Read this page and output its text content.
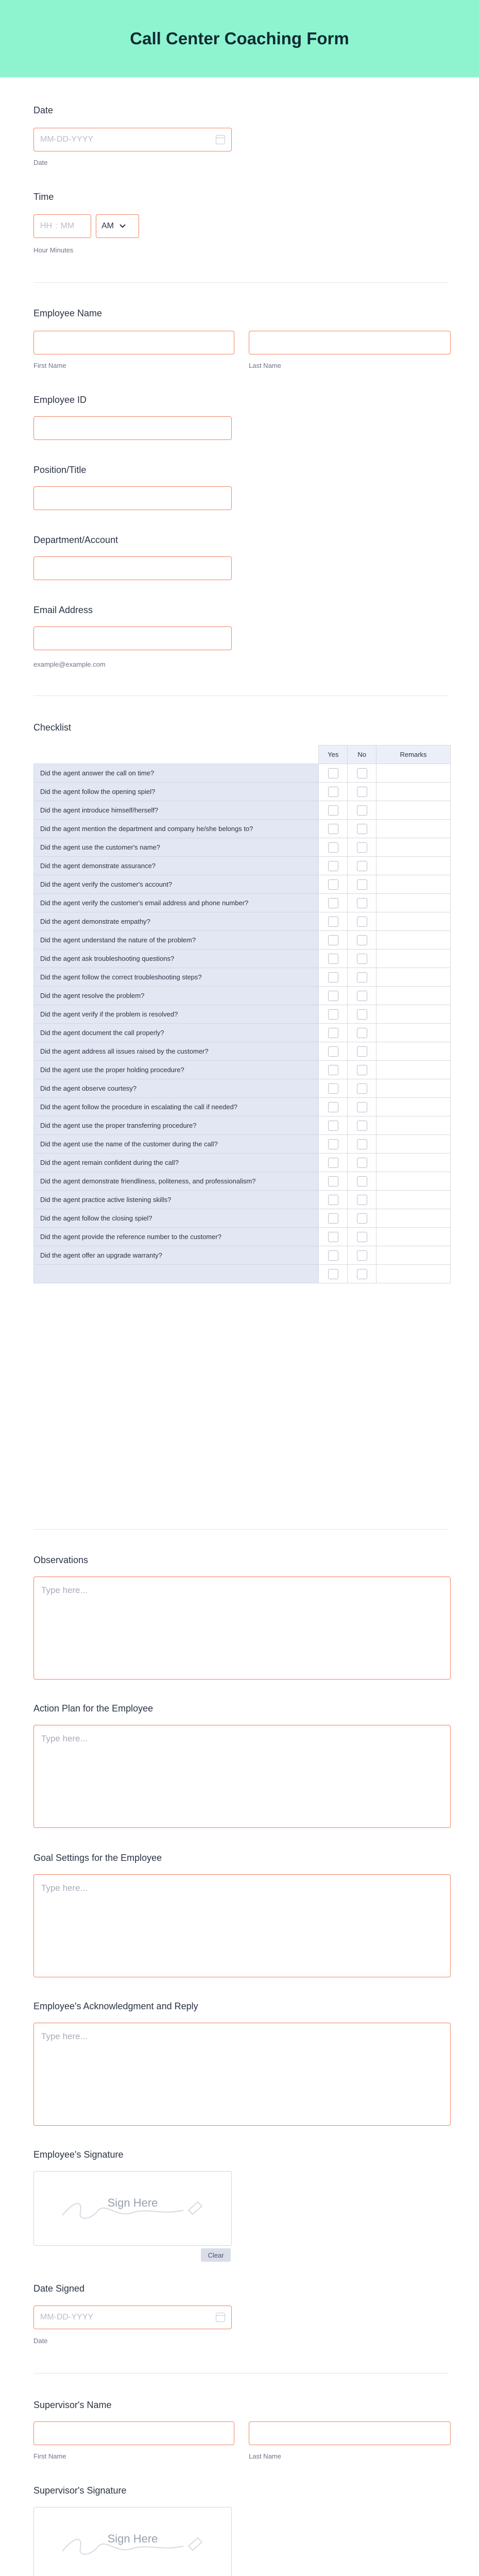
Call Center Coaching Form
Date
MM-DD-YYYY
Date
Time
HH : MM	AM
Hour Minutes
Employee Name
First Name	Last Name
Employee ID
Position/Title
Department/Account
Email Address
example@example.com
Checklist
	Yes	No	Remarks
Did the agent answer the call on time?			
Did the agent follow the opening spiel?			
Did the agent introduce himself/herself?			
Did the agent mention the department and company he/she belongs to?			
Did the agent use the customer's name?			
Did the agent demonstrate assurance?			
Did the agent verify the customer's account?			
Did the agent verify the customer's email address and phone number?			
Did the agent demonstrate empathy?			
Did the agent understand the nature of the problem?			
Did the agent ask troubleshooting questions?			
Did the agent follow the correct troubleshooting steps?			
Did the agent resolve the problem?			
Did the agent verify if the problem is resolved?			
Did the agent document the call properly?			
Did the agent address all issues raised by the customer?			
Did the agent use the proper holding procedure?			
Did the agent observe courtesy?			
Did the agent follow the procedure in escalating the call if needed?			
Did the agent use the proper transferring procedure?			
Did the agent use the name of the customer during the call?			
Did the agent remain confident during the call?			
Did the agent demonstrate friendliness, politeness, and professionalism?			
Did the agent practice active listening skills?			
Did the agent follow the closing spiel?			
Did the agent provide the reference number to the customer?			
Did the agent offer an upgrade warranty?			

Observations
Type here...
Action Plan for the Employee
Type here...
Goal Settings for the Employee
Type here...
Employee's Acknowledgment and Reply
Type here...
Employee's Signature
Sign Here
Clear
Date Signed
MM-DD-YYYY
Date
Supervisor's Name
First Name	Last Name
Supervisor's Signature
Sign Here
